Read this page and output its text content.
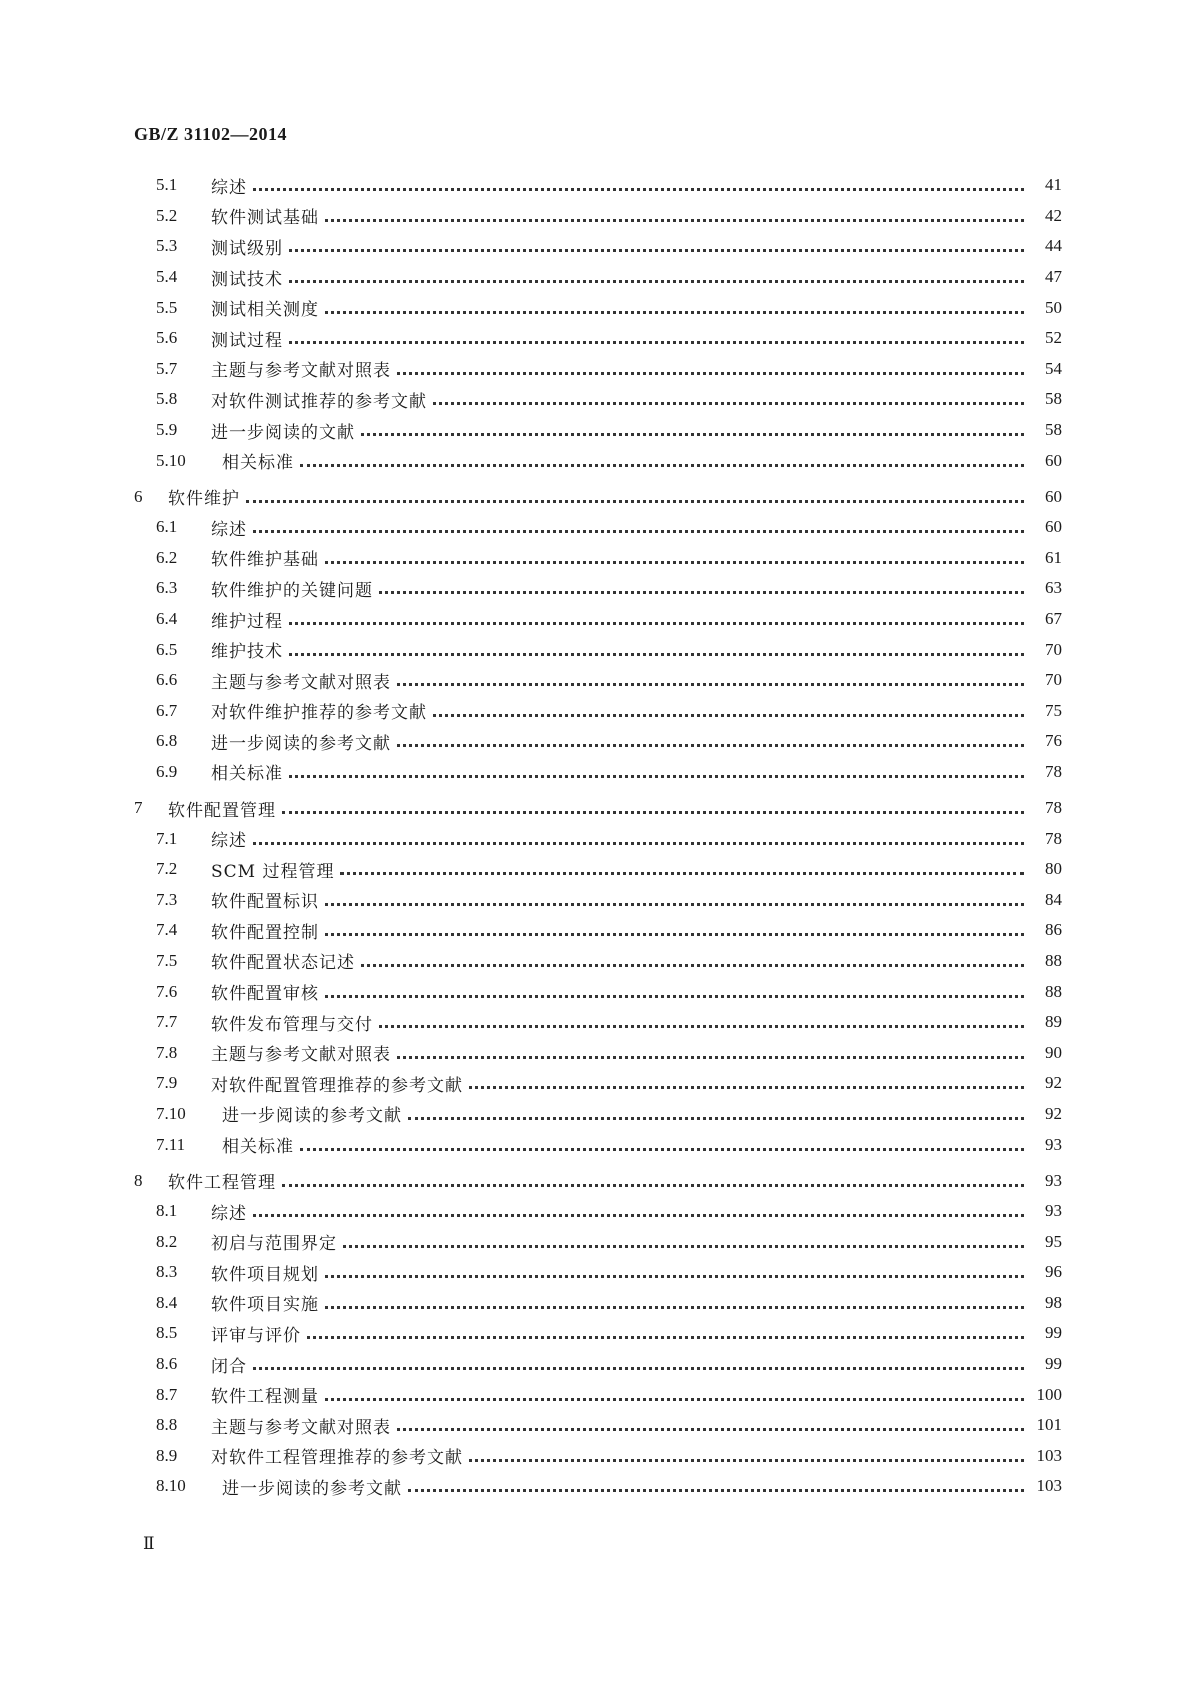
GB/Z 31102—2014
5.1	综述	41
5.2	软件测试基础	42
5.3	测试级别	44
5.4	测试技术	47
5.5	测试相关测度	50
5.6	测试过程	52
5.7	主题与参考文献对照表	54
5.8	对软件测试推荐的参考文献	58
5.9	进一步阅读的文献	58
5.10	相关标准	60
6	软件维护	60
6.1	综述	60
6.2	软件维护基础	61
6.3	软件维护的关键问题	63
6.4	维护过程	67
6.5	维护技术	70
6.6	主题与参考文献对照表	70
6.7	对软件维护推荐的参考文献	75
6.8	进一步阅读的参考文献	76
6.9	相关标准	78
7	软件配置管理	78
7.1	综述	78
7.2	SCM 过程管理	80
7.3	软件配置标识	84
7.4	软件配置控制	86
7.5	软件配置状态记述	88
7.6	软件配置审核	88
7.7	软件发布管理与交付	89
7.8	主题与参考文献对照表	90
7.9	对软件配置管理推荐的参考文献	92
7.10	进一步阅读的参考文献	92
7.11	相关标准	93
8	软件工程管理	93
8.1	综述	93
8.2	初启与范围界定	95
8.3	软件项目规划	96
8.4	软件项目实施	98
8.5	评审与评价	99
8.6	闭合	99
8.7	软件工程测量	100
8.8	主题与参考文献对照表	101
8.9	对软件工程管理推荐的参考文献	103
8.10	进一步阅读的参考文献	103
Ⅱ
